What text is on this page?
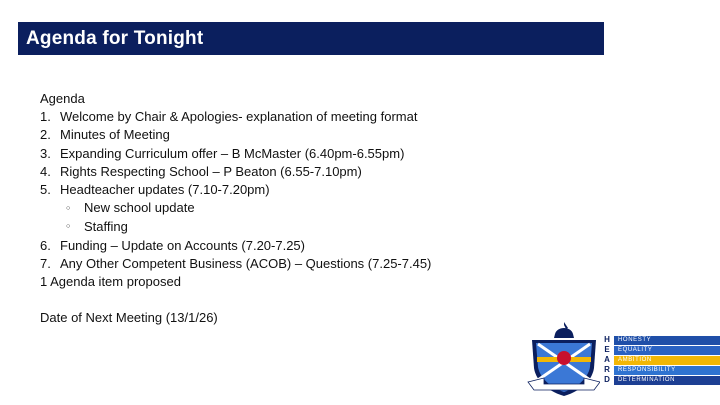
Agenda for Tonight
Agenda
1. Welcome by Chair & Apologies- explanation of meeting format
2. Minutes of Meeting
3. Expanding Curriculum offer – B McMaster (6.40pm-6.55pm)
4. Rights Respecting School – P Beaton (6.55-7.10pm)
5. Headteacher updates (7.10-7.20pm)
○ New school update
○ Staffing
6. Funding – Update on Accounts (7.20-7.25)
7. Any Other Competent Business (ACOB) – Questions (7.25-7.45)
1 Agenda item proposed
Date of Next Meeting (13/1/26)
H
E
A
R
D
HONESTY
EQUALITY
AMBITION
RESPONSIBILITY
DETERMINATION
